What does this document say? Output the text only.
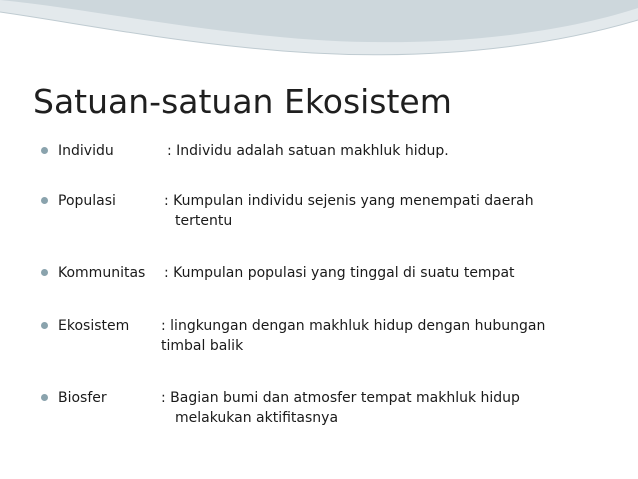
Satuan-satuan Ekosistem
Individu	: Individu adalah satuan makhluk hidup.
Populasi	: Kumpulan individu sejenis yang menempati daerah
tertentu
Kommunitas : Kumpulan populasi yang tinggal di suatu tempat
Ekosistem : lingkungan dengan makhluk hidup dengan hubungan
timbal balik
Biosfer	: Bagian bumi dan atmosfer tempat makhluk hidup
melakukan aktifitasnya
